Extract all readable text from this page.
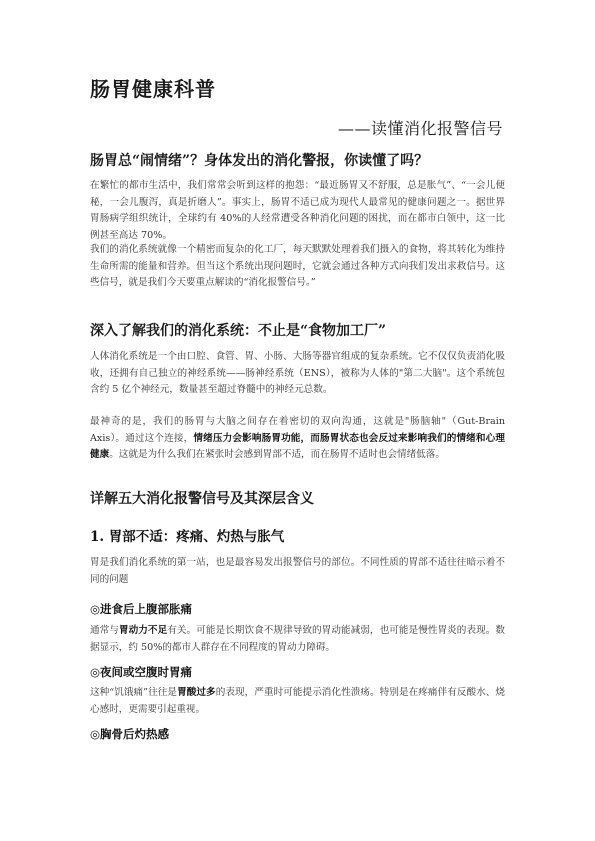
肠胃健康科普
——读懂消化报警信号
肠胃总“闹情绪”？身体发出的消化警报，你读懂了吗？

在繁忙的都市生活中，我们常常会听到这样的抱怨：“最近肠胃又不舒服，总是胀气”、“一会儿便秘，一会儿腹泻，真是折磨人”。事实上，肠胃不适已成为现代人最常见的健康问题之一。据世界胃肠病学组织统计，全球约有 40%的人经常遭受各种消化问题的困扰，而在都市白领中，这一比例甚至高达 70%。

我们的消化系统就像一个精密而复杂的化工厂，每天默默处理着我们摄入的食物，将其转化为维持生命所需的能量和营养。但当这个系统出现问题时，它就会通过各种方式向我们发出求救信号。这些信号，就是我们今天要重点解读的“消化报警信号。”

深入了解我们的消化系统：不止是“食物加工厂”

人体消化系统是一个由口腔、食管、胃、小肠、大肠等器官组成的复杂系统。它不仅仅负责消化吸收，还拥有自己独立的神经系统——肠神经系统（ENS），被称为人体的"第二大脑"。这个系统包含约 5 亿个神经元，数量甚至超过脊髓中的神经元总数。

最神奇的是，我们的肠胃与大脑之间存在着密切的双向沟通，这就是"肠脑轴"（Gut-Brain Axis）。通过这个连接，情绪压力会影响肠胃功能，而肠胃状态也会反过来影响我们的情绪和心理健康。这就是为什么我们在紧张时会感到胃部不适，而在肠胃不适时也会情绪低落。

详解五大消化报警信号及其深层含义
1. 胃部不适：疼痛、灼热与胀气

胃是我们消化系统的第一站，也是最容易发出报警信号的部位。不同性质的胃部不适往往暗示着不同的问题

◎进食后上腹部胀痛

通常与胃动力不足有关。可能是长期饮食不规律导致的胃动能减弱，也可能是慢性胃炎的表现。数据显示，约 50%的都市人群存在不同程度的胃动力障碍。

◎夜间或空腹时胃痛

这种“饥饿痛”往往是胃酸过多的表现，严重时可能提示消化性溃疡。特别是在疼痛伴有反酸水、烧心感时，更需要引起重视。

◎胸骨后灼热感
